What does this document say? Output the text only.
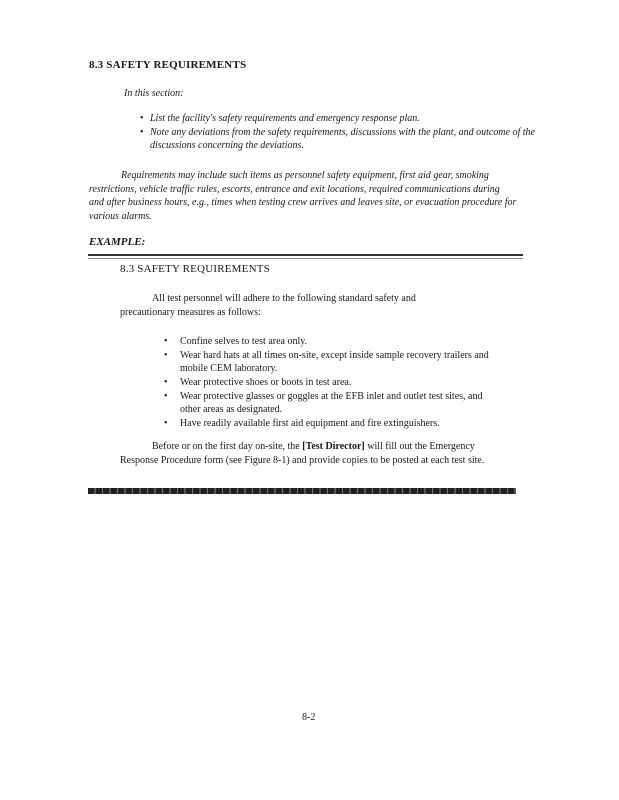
8.3 SAFETY REQUIREMENTS
In this section:
• List the facility's safety requirements and emergency response plan.
• Note any deviations from the safety requirements, discussions with the plant, and outcome of the discussions concerning the deviations.

Requirements may include such items as personnel safety equipment, first aid gear, smoking restrictions, vehicle traffic rules, escorts, entrance and exit locations, required communications during and after business hours, e.g., times when testing crew arrives and leaves site, or evacuation procedure for various alarms.

EXAMPLE:
8.3 SAFETY REQUIREMENTS

All test personnel will adhere to the following standard safety and precautionary measures as follows:

• Confine selves to test area only.
• Wear hard hats at all times on-site, except inside sample recovery trailers and mobile CEM laboratory.
• Wear protective shoes or boots in test area.
• Wear protective glasses or goggles at the EFB inlet and outlet test sites, and other areas as designated.
• Have readily available first aid equipment and fire extinguishers.

Before or on the first day on-site, the [Test Director] will fill out the Emergency Response Procedure form (see Figure 8-1) and provide copies to be posted at each test site.

8-2
